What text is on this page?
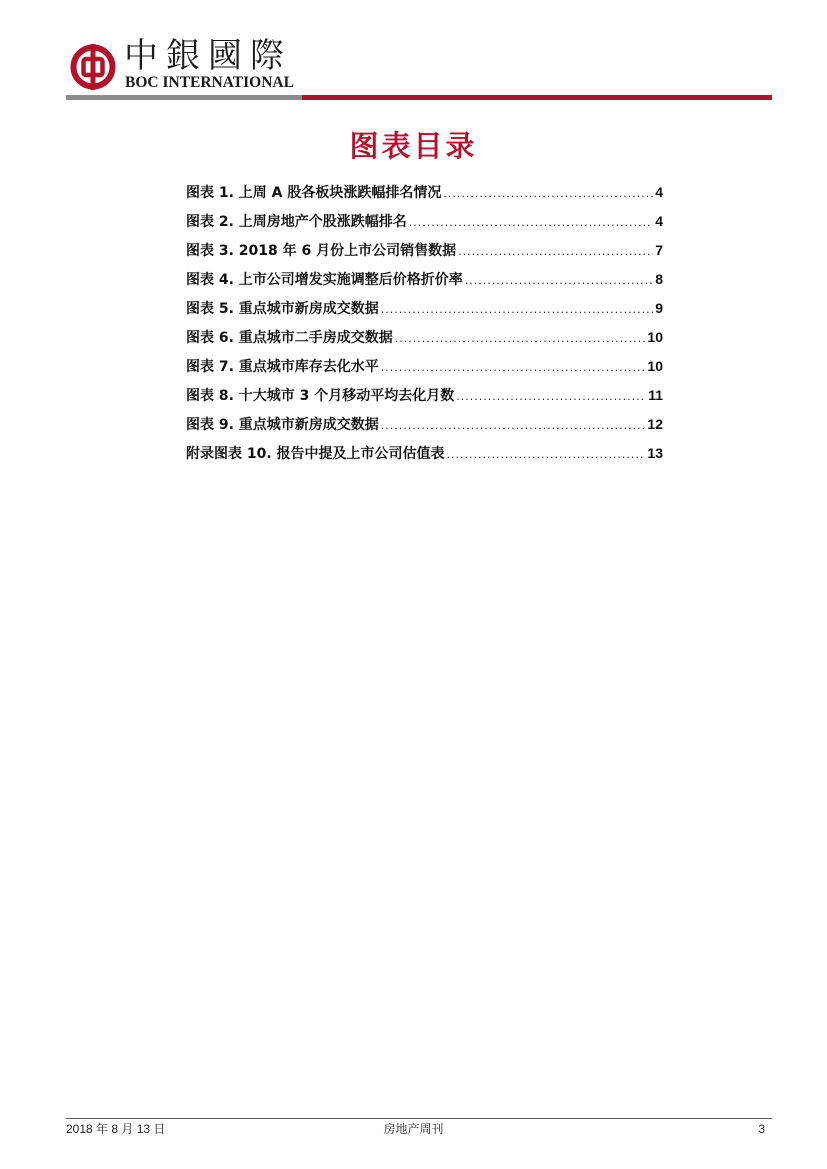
中銀國際
BOC INTERNATIONAL
图表目录
图表 1. 上周 A 股各板块涨跌幅排名情况 .....	4
图表 2. 上周房地产个股涨跌幅排名 .....	4
图表 3. 2018 年 6 月份上市公司销售数据 .....	7
图表 4. 上市公司增发实施调整后价格折价率 .....	8
图表 5. 重点城市新房成交数据 .....	9
图表 6. 重点城市二手房成交数据 .....	10
图表 7. 重点城市库存去化水平 .....	10
图表 8. 十大城市 3 个月移动平均去化月数 .....	11
图表 9. 重点城市新房成交数据 .....	12
附录图表 10. 报告中提及上市公司估值表 .....	13
2018 年 8 月 13 日	房地产周刊	3
